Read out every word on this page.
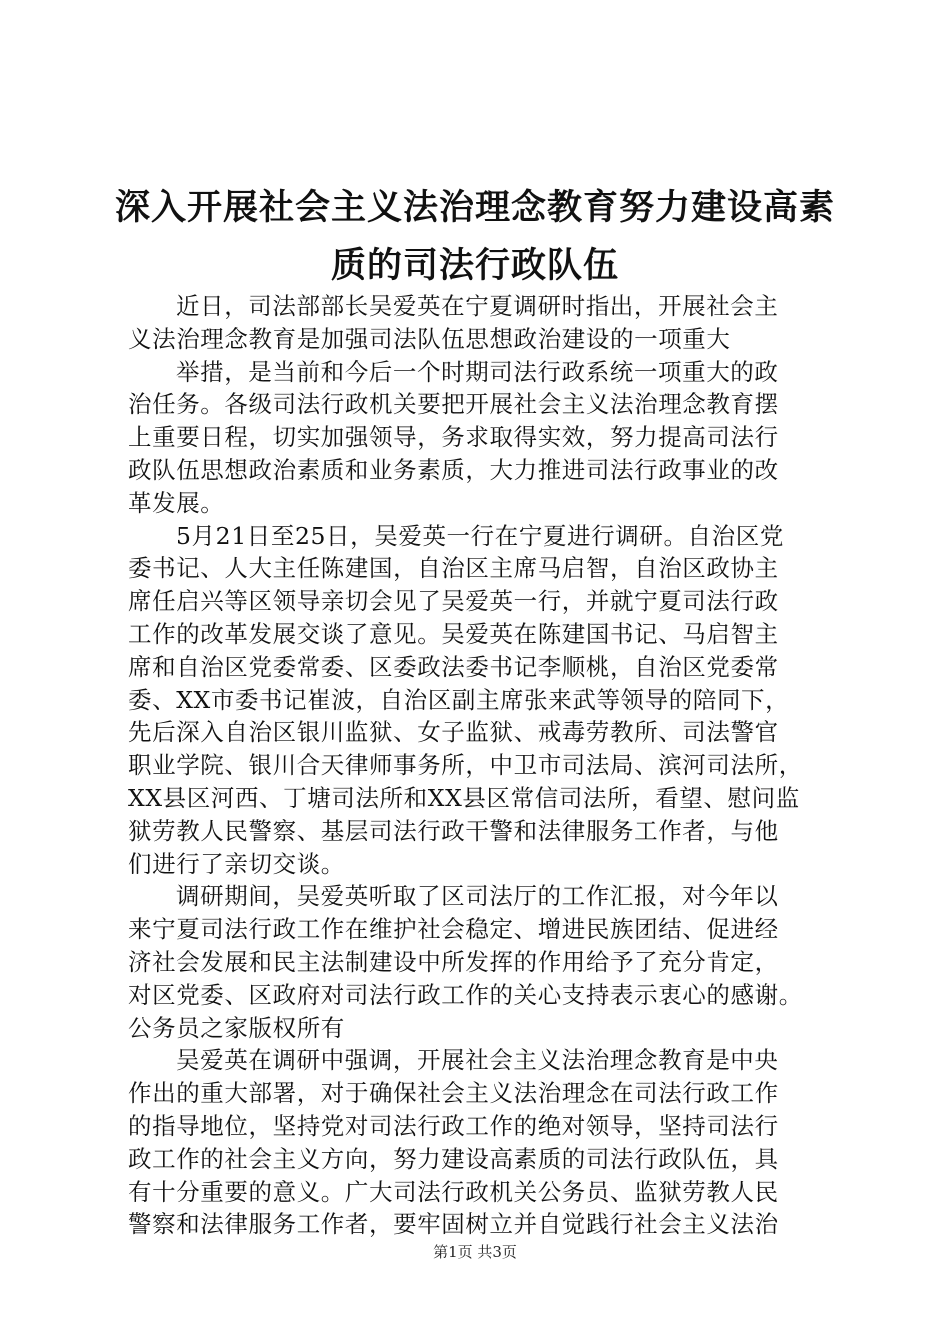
深入开展社会主义法治理念教育努力建设高素
质的司法行政队伍
近日，司法部部长吴爱英在宁夏调研时指出，开展社会主
义法治理念教育是加强司法队伍思想政治建设的一项重大
举措，是当前和今后一个时期司法行政系统一项重大的政
治任务。各级司法行政机关要把开展社会主义法治理念教育摆
上重要日程，切实加强领导，务求取得实效，努力提高司法行
政队伍思想政治素质和业务素质，大力推进司法行政事业的改
革发展。
5月21日至25日，吴爱英一行在宁夏进行调研。自治区党
委书记、人大主任陈建国，自治区主席马启智，自治区政协主
席任启兴等区领导亲切会见了吴爱英一行，并就宁夏司法行政
工作的改革发展交谈了意见。吴爱英在陈建国书记、马启智主
席和自治区党委常委、区委政法委书记李顺桃，自治区党委常
委、XX市委书记崔波，自治区副主席张来武等领导的陪同下，
先后深入自治区银川监狱、女子监狱、戒毒劳教所、司法警官
职业学院、银川合天律师事务所，中卫市司法局、滨河司法所，
XX县区河西、丁塘司法所和XX县区常信司法所，看望、慰问监
狱劳教人民警察、基层司法行政干警和法律服务工作者，与他
们进行了亲切交谈。
调研期间，吴爱英听取了区司法厅的工作汇报，对今年以
来宁夏司法行政工作在维护社会稳定、增进民族团结、促进经
济社会发展和民主法制建设中所发挥的作用给予了充分肯定，
对区党委、区政府对司法行政工作的关心支持表示衷心的感谢。
公务员之家版权所有
吴爱英在调研中强调，开展社会主义法治理念教育是中央
作出的重大部署，对于确保社会主义法治理念在司法行政工作
的指导地位，坚持党对司法行政工作的绝对领导，坚持司法行
政工作的社会主义方向，努力建设高素质的司法行政队伍，具
有十分重要的意义。广大司法行政机关公务员、监狱劳教人民
警察和法律服务工作者，要牢固树立并自觉践行社会主义法治
第1页 共3页
